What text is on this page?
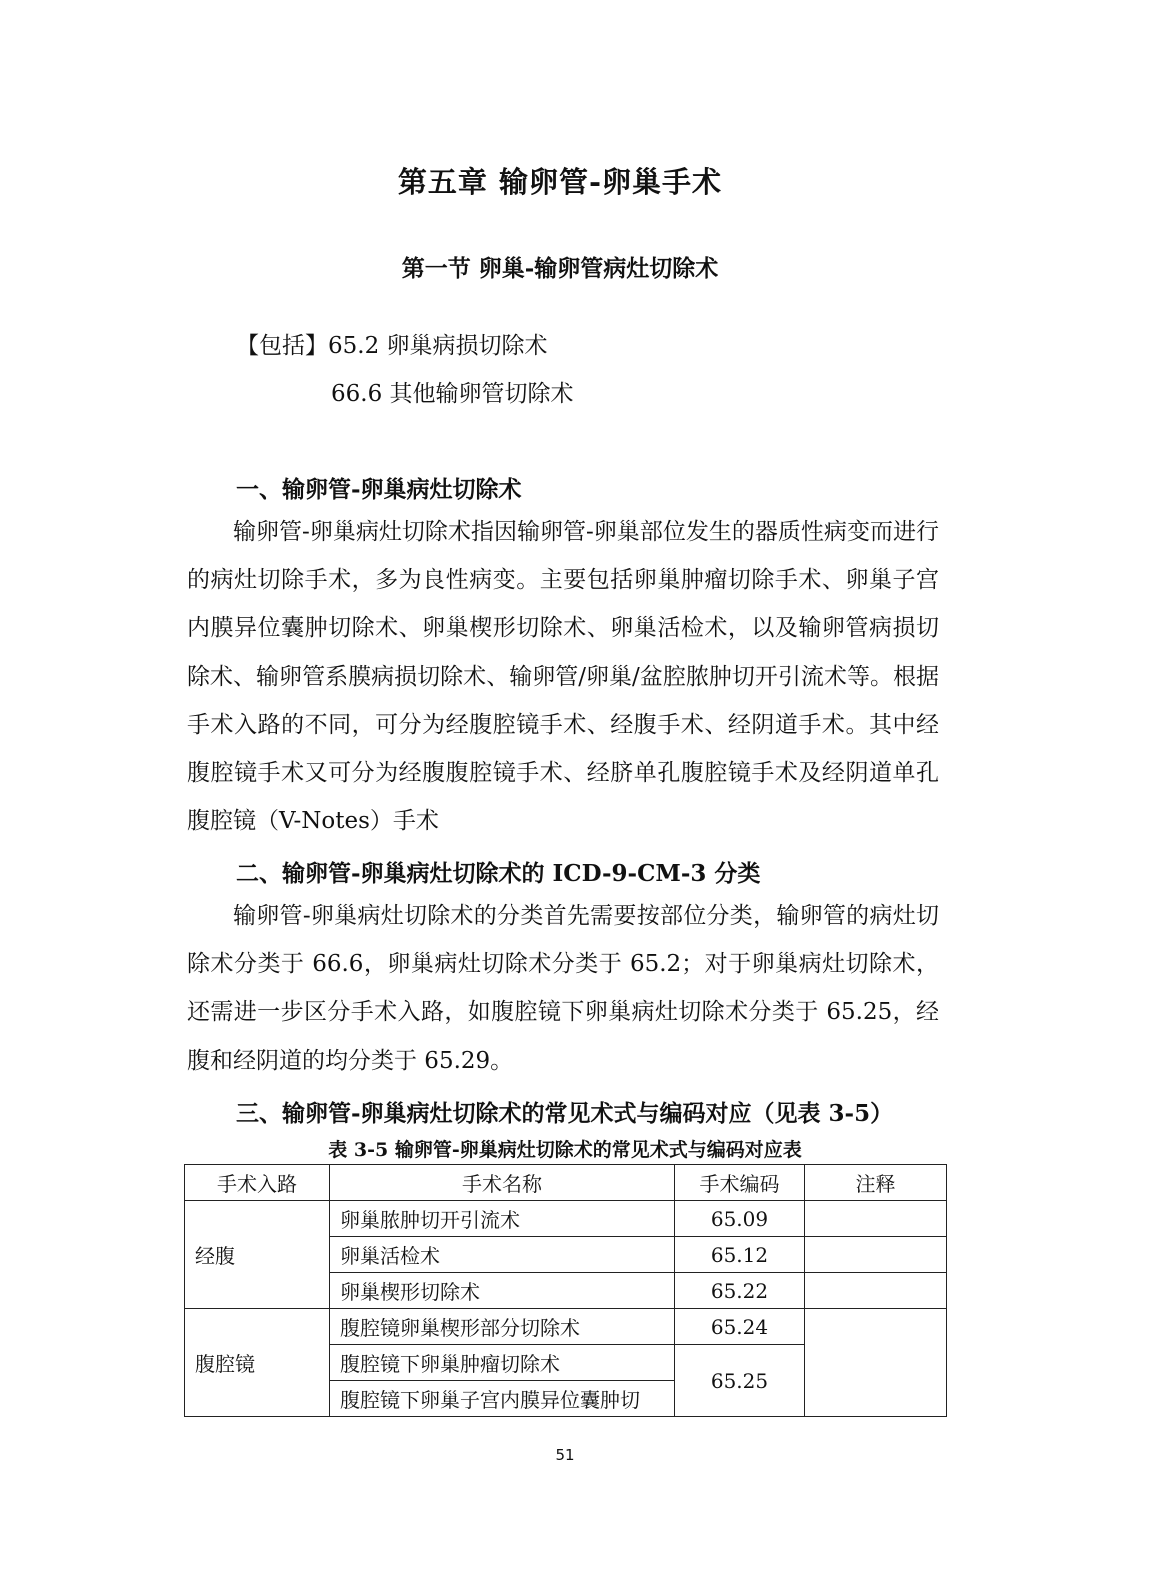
第五章 输卵管-卵巢手术
第一节 卵巢-输卵管病灶切除术
【包括】65.2 卵巢病损切除术
66.6 其他输卵管切除术
一、输卵管-卵巢病灶切除术

输卵管-卵巢病灶切除术指因输卵管-卵巢部位发生的器质性病变而进行的病灶切除手术，多为良性病变。主要包括卵巢肿瘤切除手术、卵巢子宫内膜异位囊肿切除术、卵巢楔形切除术、卵巢活检术，以及输卵管病损切除术、输卵管系膜病损切除术、输卵管/卵巢/盆腔脓肿切开引流术等。根据手术入路的不同，可分为经腹腔镜手术、经腹手术、经阴道手术。其中经腹腔镜手术又可分为经腹腹腔镜手术、经脐单孔腹腔镜手术及经阴道单孔腹腔镜（V-Notes）手术

二、输卵管-卵巢病灶切除术的 ICD-9-CM-3 分类

输卵管-卵巢病灶切除术的分类首先需要按部位分类，输卵管的病灶切除术分类于 66.6，卵巢病灶切除术分类于 65.2；对于卵巢病灶切除术，还需进一步区分手术入路，如腹腔镜下卵巢病灶切除术分类于 65.25，经腹和经阴道的均分类于 65.29。

三、输卵管-卵巢病灶切除术的常见术式与编码对应（见表 3-5）
表 3-5 输卵管-卵巢病灶切除术的常见术式与编码对应表
手术入路	手术名称	手术编码	注释
经腹	卵巢脓肿切开引流术	65.09	
	卵巢活检术	65.12	
	卵巢楔形切除术	65.22	
腹腔镜	腹腔镜卵巢楔形部分切除术	65.24	
	腹腔镜下卵巢肿瘤切除术	65.25	
	腹腔镜下卵巢子宫内膜异位囊肿切		
51
